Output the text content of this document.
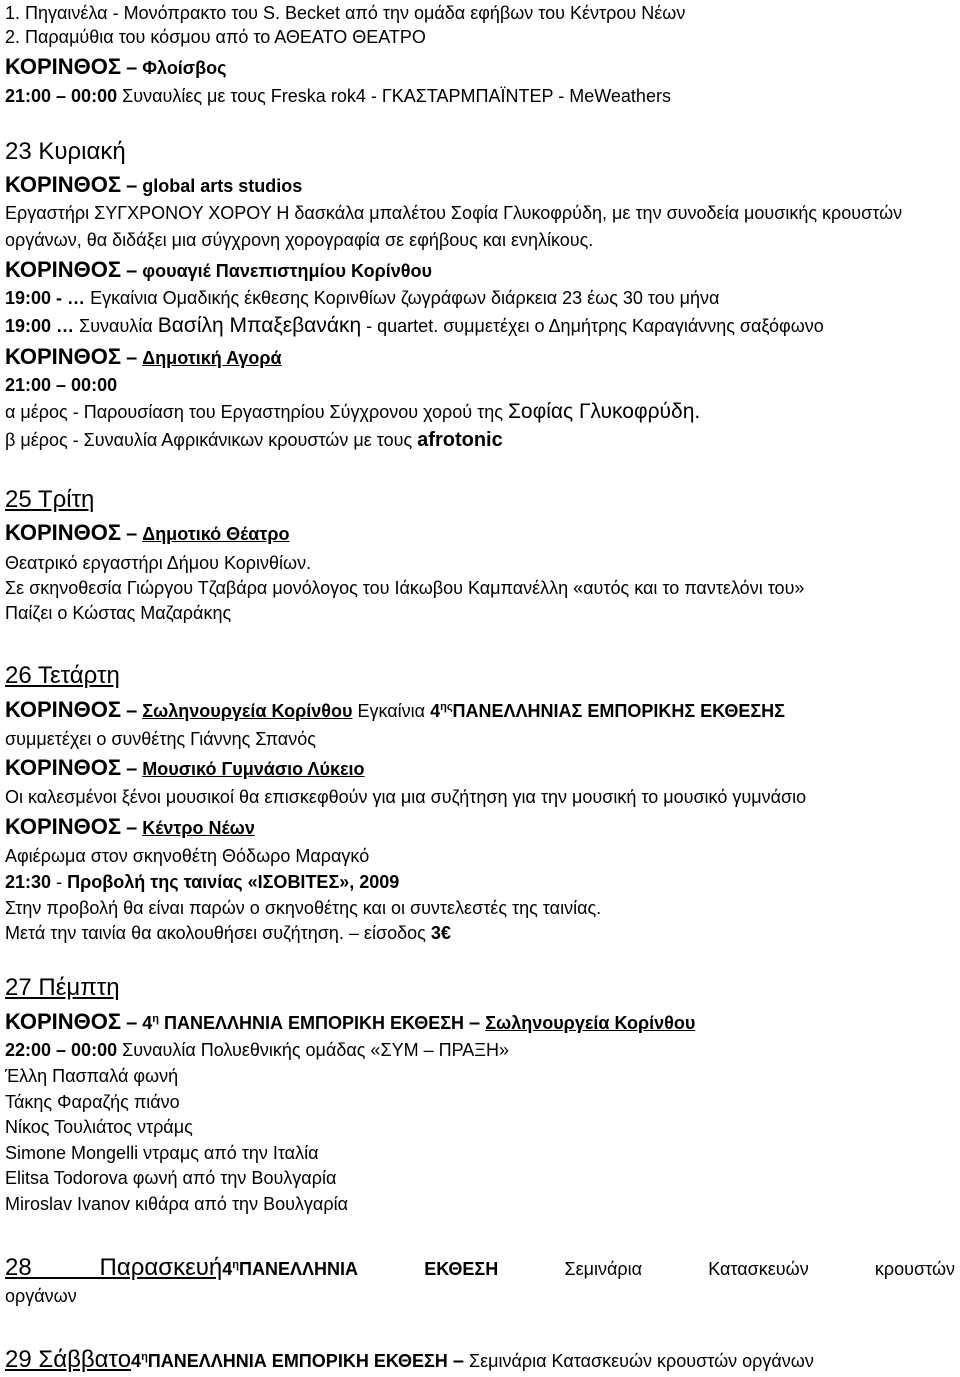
1. Πηγαινέλα - Μονόπρακτο του S. Becket από την ομάδα εφήβων του Κέντρου Νέων
2. Παραμύθια του κόσμου από το ΑΘΕΑΤΟ ΘΕΑΤΡΟ
ΚΟΡΙΝΘΟΣ – Φλοίσβος
21:00 – 00:00 Συναυλίες με τους Freska rok4 - ΓΚΑΣΤΑΡΜΠΑΪΝΤΕΡ - MeWeathers
23 Κυριακή
ΚΟΡΙΝΘΟΣ – global arts studios
Εργαστήρι ΣΥΓΧΡΟΝΟΥ ΧΟΡΟΥ Η δασκάλα μπαλέτου Σοφία Γλυκοφρύδη, με την συνοδεία μουσικής κρουστών
οργάνων, θα διδάξει μια σύγχρονη χορογραφία σε εφήβους και ενηλίκους.
ΚΟΡΙΝΘΟΣ – φουαγιέ Πανεπιστημίου Κορίνθου
19:00 - … Εγκαίνια Ομαδικής έκθεσης Κορινθίων ζωγράφων διάρκεια 23 έως 30 του μήνα
19:00 … Συναυλία Βασίλη Μπαξεβανάκη - quartet. συμμετέχει ο Δημήτρης Καραγιάννης σαξόφωνο
ΚΟΡΙΝΘΟΣ – Δημοτική Αγορά
21:00 – 00:00
α μέρος - Παρουσίαση του Εργαστηρίου Σύγχρονου χορού της Σοφίας Γλυκοφρύδη.
β μέρος - Συναυλία Αφρικάνικων κρουστών με τους afrotonic
25 Τρίτη
ΚΟΡΙΝΘΟΣ – Δημοτικό Θέατρο
Θεατρικό εργαστήρι Δήμου Κορινθίων.
Σε σκηνοθεσία Γιώργου Τζαβάρα μονόλογος του Ιάκωβου Καμπανέλλη «αυτός και το παντελόνι του»
Παίζει ο Κώστας Μαζαράκης
26 Τετάρτη
ΚΟΡΙΝΘΟΣ – Σωληνουργεία Κορίνθου Εγκαίνια $4^{\eta\varsigma}\Pi ANE\Lambda\Lambda HNIA\Sigma$ ΕΜΠΟΡΙΚΗΣ ΕΚΘΕΣΗΣ
συμμετέχει ο συνθέτης Γιάννης Σπανός
ΚΟΡΙΝΘΟΣ – Μουσικό Γυμνάσιο Λύκειο
Οι καλεσμένοι ξένοι μουσικοί θα επισκεφθούν για μια συζήτηση για την μουσική το μουσικό γυμνάσιο
ΚΟΡΙΝΘΟΣ – Κέντρο Νέων
Αφιέρωμα στον σκηνοθέτη Θόδωρο Μαραγκό
21:30 - Προβολή της ταινίας «ΙΣΟΒΙΤΕΣ», 2009
Στην προβολή θα είναι παρών ο σκηνοθέτης και οι συντελεστές της ταινίας.
Μετά την ταινία θα ακολουθήσει συζήτηση. – είσοδος 3€
27 Πέμπτη
ΚΟΡΙΝΘΟΣ – $4^\eta$ ΠΑΝΕΛΛΗΝΙΑ ΕΜΠΟΡΙΚΗ ΕΚΘΕΣΗ – Σωληνουργεία Κορίνθου
22:00 – 00:00 Συναυλία Πολυεθνικής ομάδας «ΣΥΜ – ΠΡΑΞΗ»
Έλλη Πασπαλά φωνή
Τάκης Φαραζής πιάνο
Νίκος Τουλιάτος ντράμς
Simone Mongelli ντραμς από την Ιταλία
Elitsa Todorova φωνή από την Βουλγαρία
Miroslav Ivanov κιθάρα από την Βουλγαρία
28 $\Pi\alpha\rho\alpha\sigma\kappa\varepsilon\upsilon ή4^\eta\Pi ANE\Lambda\Lambda HNIA$ ΕΚΘΕΣΗ	Σεμινάρια Κατασκευών κρουστών
οργάνων
29 $\Sigma ά\beta\beta\alpha\tau o4^\eta\Pi ANE\Lambda\Lambda HNIA$ ΕΜΠΟΡΙΚΗ ΕΚΘΕΣΗ – Σεμινάρια Κατασκευών κρουστών οργάνων
